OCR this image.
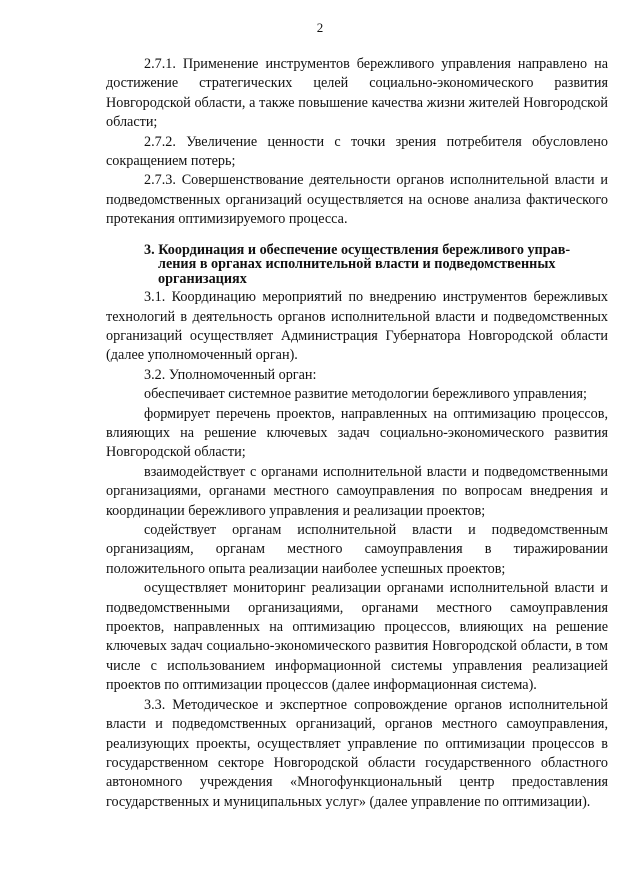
2

2.7.1. Применение инструментов бережливого управления направлено на достижение стратегических целей социально-экономического развития Новгородской области, а также повышение качества жизни жителей Новгородской области;

2.7.2. Увеличение ценности с точки зрения потребителя обусловлено сокращением потерь;

2.7.3. Совершенствование деятельности органов исполнительной власти и подведомственных организаций осуществляется на основе анализа фактического протекания оптимизируемого процесса.

3. Координация и обеспечение осуществления бережливого управ-
ления в органах исполнительной власти и подведомственных
организациях

3.1. Координацию мероприятий по внедрению инструментов бережливых технологий в деятельность органов исполнительной власти и подведомственных организаций осуществляет Администрация Губернатора Новгородской области (далее уполномоченный орган).

3.2. Уполномоченный орган:

обеспечивает системное развитие методологии бережливого управления;

формирует перечень проектов, направленных на оптимизацию процессов, влияющих на решение ключевых задач социально-экономического развития Новгородской области;

взаимодействует с органами исполнительной власти и подведомственными организациями, органами местного самоуправления по вопросам внедрения и координации бережливого управления и реализации проектов;

содействует органам исполнительной власти и подведомственным организациям, органам местного самоуправления в тиражировании положительного опыта реализации наиболее успешных проектов;

осуществляет мониторинг реализации органами исполнительной власти и подведомственными организациями, органами местного самоуправления проектов, направленных на оптимизацию процессов, влияющих на решение ключевых задач социально-экономического развития Новгородской области, в том числе с использованием информационной системы управления реализацией проектов по оптимизации процессов (далее информационная система).

3.3. Методическое и экспертное сопровождение органов исполнительной власти и подведомственных организаций, органов местного самоуправления, реализующих проекты, осуществляет управление по оптимизации процессов в государственном секторе Новгородской области государственного областного автономного учреждения «Многофункциональный центр предоставления государственных и муниципальных услуг» (далее управление по оптимизации).
